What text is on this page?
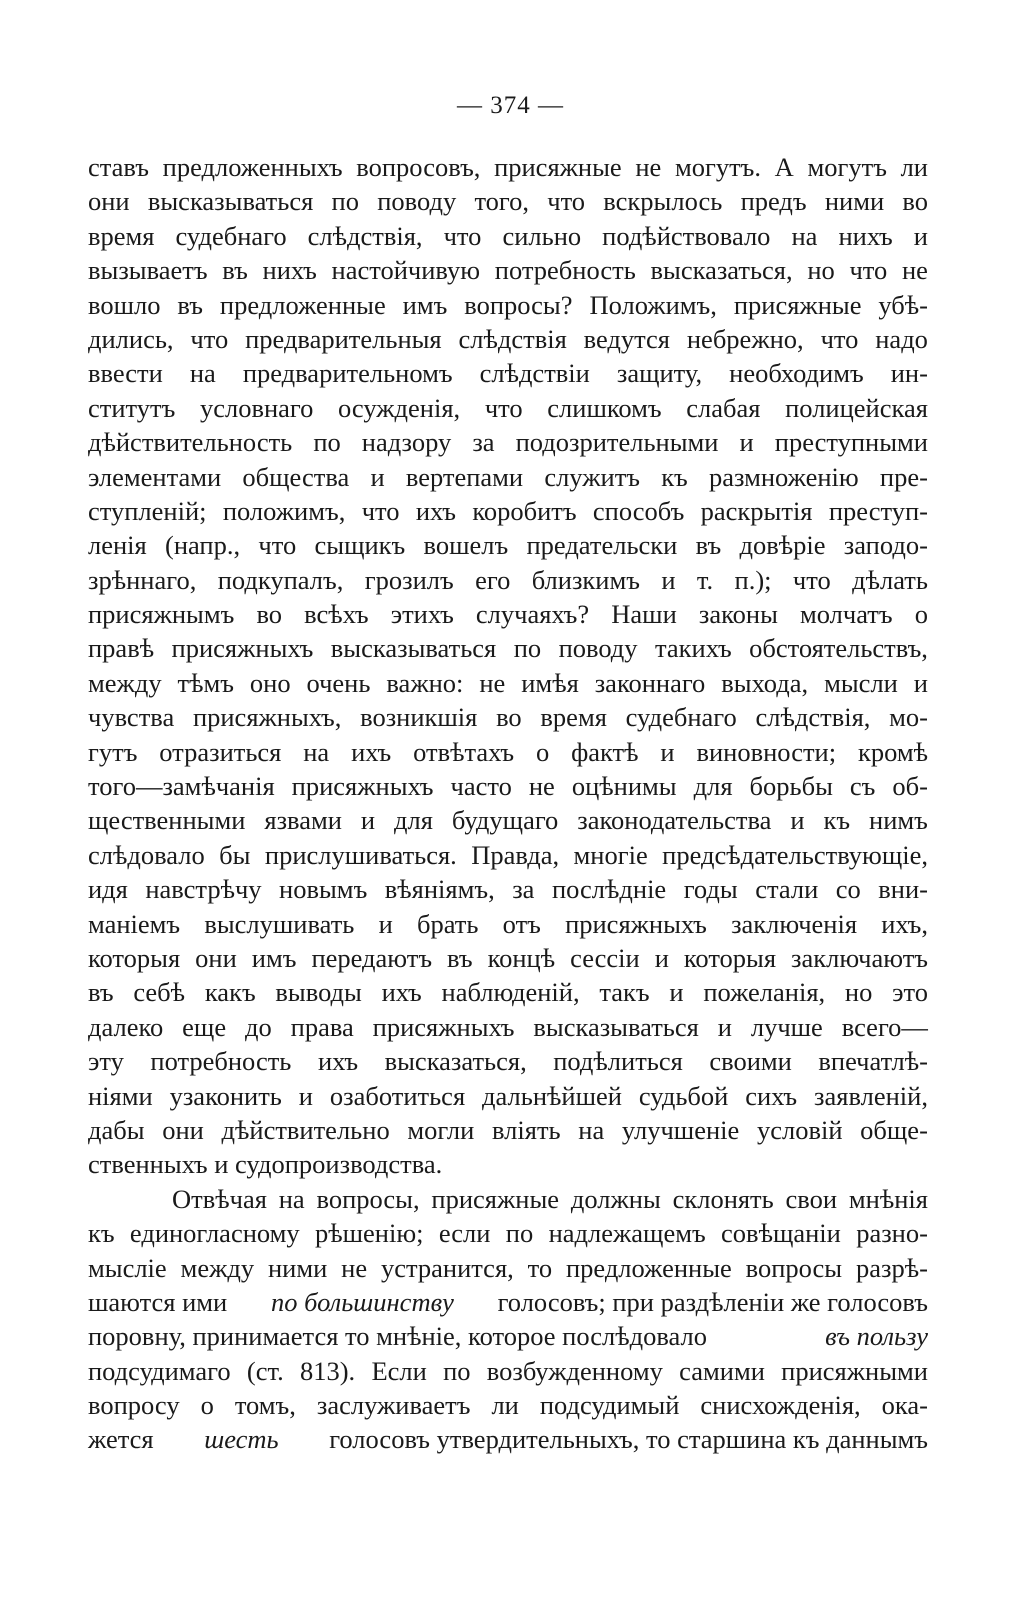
— 374 —
ставъ предложенныхъ вопросовъ, присяжные не могутъ. А могутъ ли
они высказываться по поводу того, что вскрылось предъ ними во
время судебнаго слѣдствія, что сильно подѣйствовало на нихъ и
вызываетъ въ нихъ настойчивую потребность высказаться, но что не
вошло въ предложенные имъ вопросы? Положимъ, присяжные убѣ-
дились, что предварительныя слѣдствія ведутся небрежно, что надо
ввести на предварительномъ слѣдствіи защиту, необходимъ ин-
ститутъ условнаго осужденія, что слишкомъ слабая полицейская
дѣйствительность по надзору за подозрительными и преступными
элементами общества и вертепами служитъ къ размноженію пре-
ступленій; положимъ, что ихъ коробитъ способъ раскрытія преступ-
ленія (напр., что сыщикъ вошелъ предательски въ довѣріе заподо-
зрѣннаго, подкупалъ, грозилъ его близкимъ и т. п.); что дѣлать
присяжнымъ во всѣхъ этихъ случаяхъ? Наши законы молчатъ о
правѣ присяжныхъ высказываться по поводу такихъ обстоятельствъ,
между тѣмъ оно очень важно: не имѣя законнаго выхода, мысли и
чувства присяжныхъ, возникшія во время судебнаго слѣдствія, мо-
гутъ отразиться на ихъ отвѣтахъ о фактѣ и виновности; кромѣ
того—замѣчанія присяжныхъ часто не оцѣнимы для борьбы съ об-
щественными язвами и для будущаго законодательства и къ нимъ
слѣдовало бы прислушиваться. Правда, многіе предсѣдательствующіе,
идя навстрѣчу новымъ вѣяніямъ, за послѣдніе годы стали со вни-
маніемъ выслушивать и брать отъ присяжныхъ заключенія ихъ,
которыя они имъ передаютъ въ концѣ сессіи и которыя заключаютъ
въ себѣ какъ выводы ихъ наблюденій, такъ и пожеланія, но это
далеко еще до права присяжныхъ высказываться и лучше всего—
эту потребность ихъ высказаться, подѣлиться своими впечатлѣ-
ніями узаконить и озаботиться дальнѣйшей судьбой сихъ заявленій,
дабы они дѣйствительно могли вліять на улучшеніе условій обще-
ственныхъ и судопроизводства.
Отвѣчая на вопросы, присяжные должны склонять свои мнѣнія
къ единогласному рѣшенію; если по надлежащемъ совѣщаніи разно-
мысліе между ними не устранится, то предложенные вопросы разрѣ-
шаются ими по большинству голосовъ; при раздѣленіи же голосовъ
поровну, принимается то мнѣніе, которое послѣдовало	въ пользу
подсудимаго (ст. 813). Если по возбужденному самими присяжными
вопросу о томъ, заслуживаетъ ли подсудимый снисхожденія, ока-
жется шесть голосовъ утвердительныхъ, то старшина къ даннымъ
